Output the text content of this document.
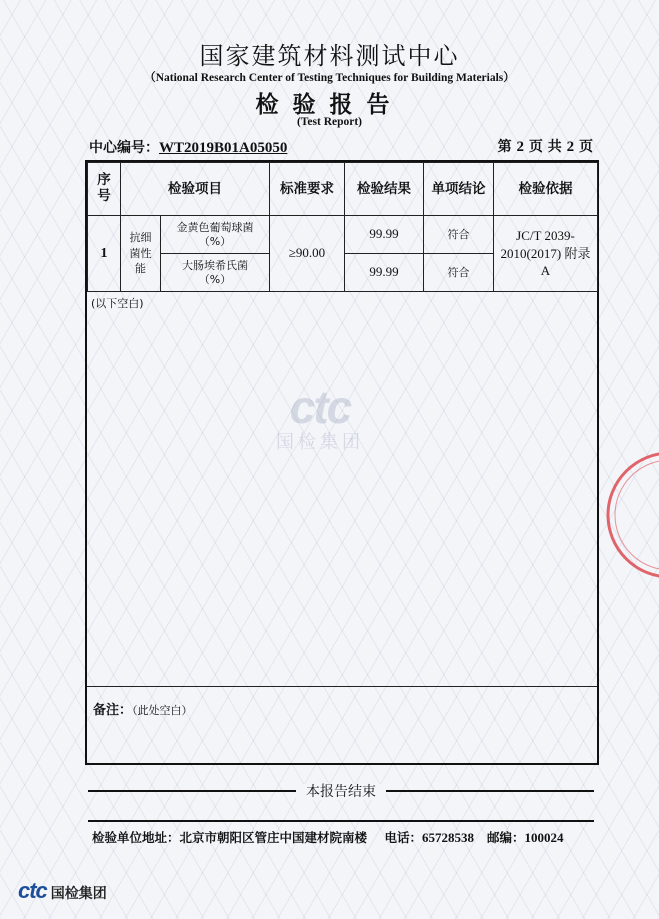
国家建筑材料测试中心
（National Research Center of Testing Techniques for Building Materials）
检验报告
(Test Report)
中心编号：WT2019B01A05050	第 2 页 共 2 页
序号	检验项目		标准要求	检验结果	单项结论	检验依据
1	抗细菌性能	金黄色葡萄球菌（%）	≥90.00	99.99	符合	JC/T 2039-2010(2017) 附录A
		大肠埃希氏菌（%）		99.99	符合	
(以下空白)
备注：（此处空白）
ctc
国检集团
本报告结束
检验单位地址：北京市朝阳区管庄中国建材院南楼 电话：65728538 邮编：100024
ctc 国检集团
